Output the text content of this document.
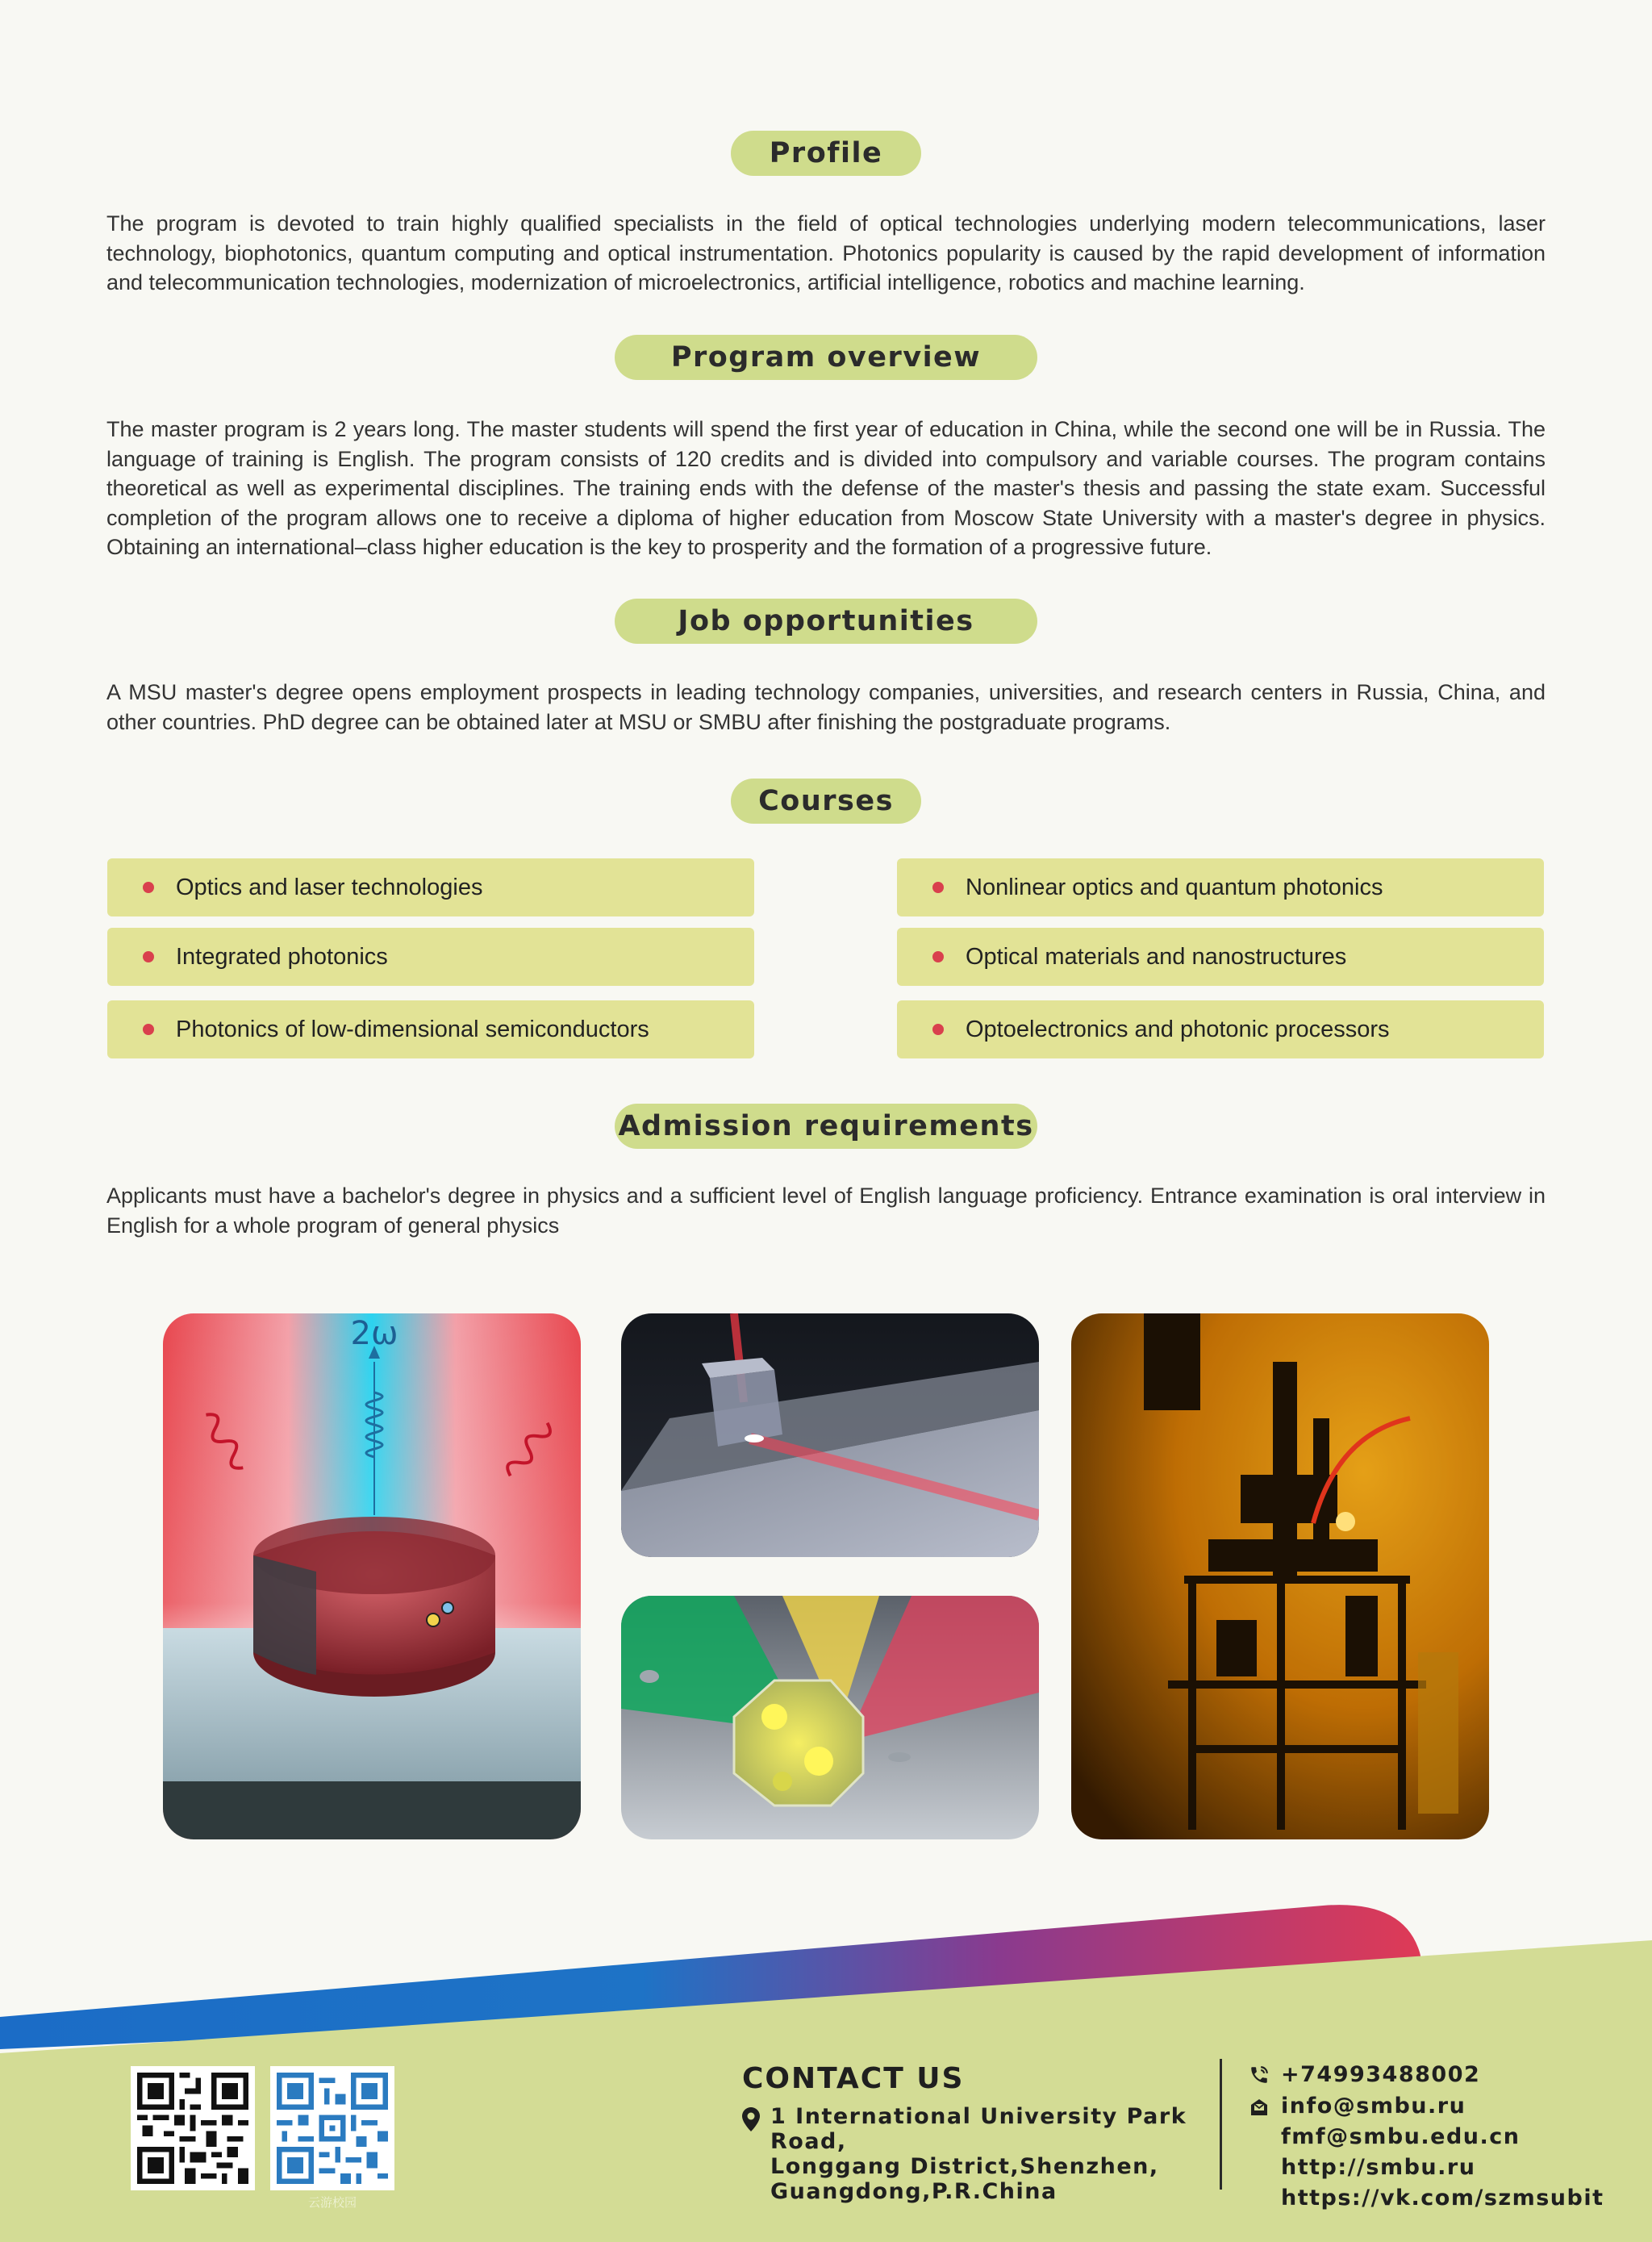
Profile

The program is devoted to train highly qualified specialists in the field of optical technologies underlying modern telecommunications, laser technology, biophotonics, quantum computing and optical instrumentation. Photonics popularity is caused by the rapid development of information and telecommunication technologies, modernization of microelectronics, artificial intelligence, robotics and machine learning.

Program overview

The master program is 2 years long. The master students will spend the first year of education in China, while the second one will be in Russia. The language of training is English. The program consists of 120 credits and is divided into compulsory and variable courses. The program contains theoretical as well as experimental disciplines. The training ends with the defense of the master's thesis and passing the state exam. Successful completion of the program allows one to receive a diploma of higher education from Moscow State University with a master's degree in physics. Obtaining an international–class higher education is the key to prosperity and the formation of a progressive future.

Job opportunities

A MSU master's degree opens employment prospects in leading technology companies, universities, and research centers in Russia, China, and other countries. PhD degree can be obtained later at MSU or SMBU after finishing the postgraduate programs.

Courses
Optics and laser technologies	Nonlinear optics and quantum photonics
Integrated photonics	Optical materials and nanostructures
Photonics of low-dimensional semiconductors	Optoelectronics and photonic processors
Admission requirements

Applicants must have a bachelor's degree in physics and a sufficient level of English language proficiency. Entrance examination is oral interview in English for a whole program of general physics

2ω
云游校园
CONTACT US
1 International University Park Road,
Longgang District,Shenzhen,
Guangdong,P.R.China
+74993488002
info@smbu.ru
fmf@smbu.edu.cn
http://smbu.ru
https://vk.com/szmsubit
